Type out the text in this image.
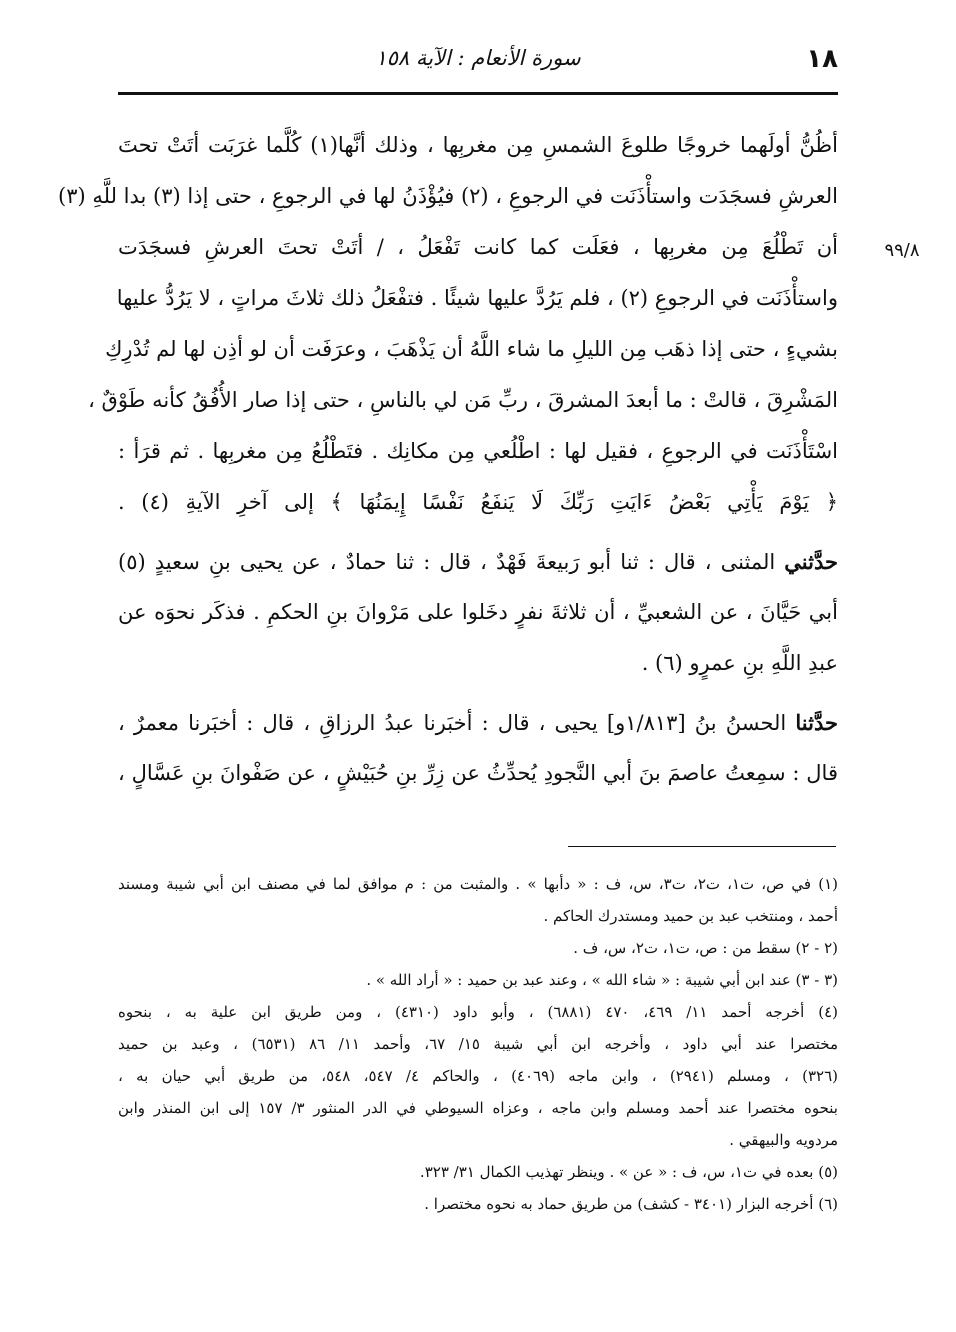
١٨
سورة الأنعام : الآية ١٥٨
٩٩/٨
أظُنُّ أولَهما خروجًا طلوعَ الشمسِ مِن مغربِها ، وذلك أنَّها(١) كُلَّما غرَبَت أتَتْ تحتَ
العرشِ فسجَدَت واستأْذَنَت في الرجوعِ ، (٢) فيُؤْذَنُ لها في الرجوعِ ، حتى إذا (٣) بدا للَّهِ (٣)
أن تَطْلُعَ مِن مغربِها ، فعَلَت كما كانت تَفْعَلُ ، / أتَتْ تحتَ العرشِ فسجَدَت
واستأْذَنَت في الرجوعِ (٢) ، فلم يَرُدَّ عليها شيئًا . فتفْعَلُ ذلك ثلاثَ مراتٍ ، لا يَرُدُّ عليها
بشيءٍ ، حتى إذا ذهَب مِن الليلِ ما شاء اللَّهُ أن يَذْهَبَ ، وعرَفَت أن لو أذِن لها لم تُدْرِكِ
المَشْرِقَ ، قالتْ : ما أبعدَ المشرقَ ، ربِّ مَن لي بالناسِ ، حتى إذا صار الأُفُقُ كأنه طَوْقٌ ،
اسْتَأْذَنَت في الرجوعِ ، فقيل لها : اطْلُعي مِن مكانِك . فتَطْلُعُ مِن مغربِها . ثم قرَأ :
﴿ يَوْمَ يَأْتِي بَعْضُ ءَايَتِ رَبِّكَ لَا يَنفَعُ نَفْسًا إِيمَنُهَا ﴾ إلى آخرِ الآيةِ (٤) .
حدَّثني المثنى ، قال : ثنا أبو رَبيعةَ فَهْدٌ ، قال : ثنا حمادٌ ، عن يحيى بنِ سعيدٍ (٥)
أبي حَيَّانَ ، عن الشعبيِّ ، أن ثلاثةَ نفرٍ دخَلوا على مَرْوانَ بنِ الحكمِ . فذكَر نحوَه عن
عبدِ اللَّهِ بنِ عمرٍو (٦) .
حدَّثنا الحسنُ بنُ [١/٨١٣و] يحيى ، قال : أخبَرنا عبدُ الرزاقِ ، قال : أخبَرنا معمرٌ ،
قال : سمِعتُ عاصمَ بنَ أبي النَّجودِ يُحدِّثُ عن زِرِّ بنِ حُبَيْشٍ ، عن صَفْوانَ بنِ عَسَّالٍ ،
(١) في ص، ت١، ت٢، ت٣، س، ف : « دأبها » . والمثبت من : م موافق لما في مصنف ابن أبي شيبة ومسند
أحمد ، ومنتخب عبد بن حميد ومستدرك الحاكم .
(٢ - ٢) سقط من : ص، ت١، ت٢، س، ف .
(٣ - ٣) عند ابن أبي شيبة : « شاء الله » ، وعند عبد بن حميد : « أراد الله » .
(٤) أخرجه أحمد ١١/ ٤٦٩، ٤٧٠ (٦٨٨١) ، وأبو داود (٤٣١٠) ، ومن طريق ابن علية به ، بنحوه
مختصرا عند أبي داود ، وأخرجه ابن أبي شيبة ١٥/ ٦٧، وأحمد ١١/ ٨٦ (٦٥٣١) ، وعبد بن حميد
(٣٢٦) ، ومسلم (٢٩٤١) ، وابن ماجه (٤٠٦٩) ، والحاكم ٤/ ٥٤٧، ٥٤٨، من طريق أبي حيان به ،
بنحوه مختصرا عند أحمد ومسلم وابن ماجه ، وعزاه السيوطي في الدر المنثور ٣/ ١٥٧ إلى ابن المنذر وابن
مردويه والبيهقي .
(٥) بعده في ت١، س، ف : « عن » . وينظر تهذيب الكمال ٣١/ ٣٢٣.
(٦) أخرجه البزار (٣٤٠١ - كشف) من طريق حماد به نحوه مختصرا .
